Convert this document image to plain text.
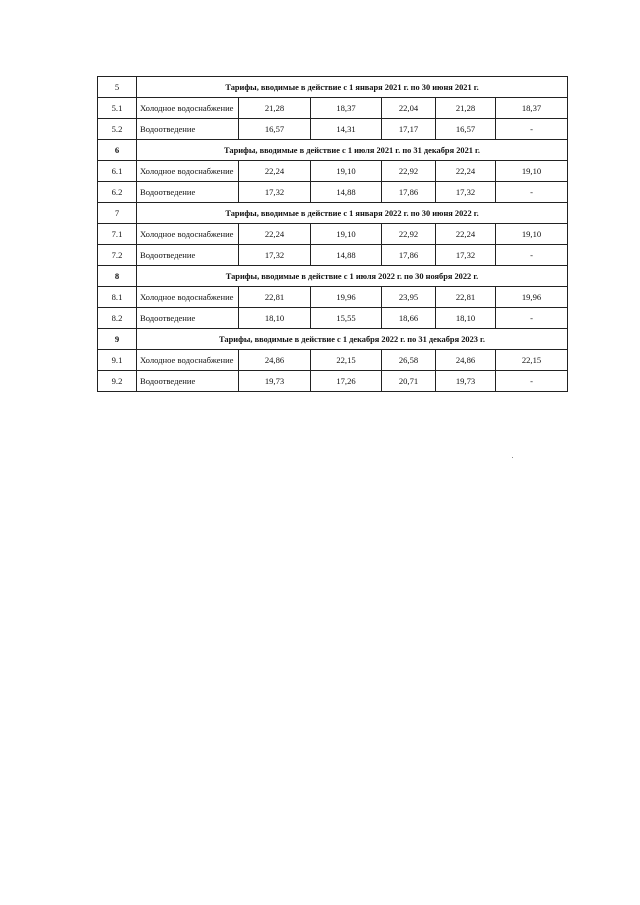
5	Тарифы, вводимые в действие с 1 января 2021 г. по 30 июня 2021 г.					
5.1	Холодное водоснабжение	21,28	18,37	22,04	21,28	18,37
5.2	Водоотведение	16,57	14,31	17,17	16,57	-
6	Тарифы, вводимые в действие с 1 июля 2021 г. по 31 декабря 2021 г.					
6.1	Холодное водоснабжение	22,24	19,10	22,92	22,24	19,10
6.2	Водоотведение	17,32	14,88	17,86	17,32	-
7	Тарифы, вводимые в действие с 1 января 2022 г. по 30 июня 2022 г.					
7.1	Холодное водоснабжение	22,24	19,10	22,92	22,24	19,10
7.2	Водоотведение	17,32	14,88	17,86	17,32	-
8	Тарифы, вводимые в действие с 1 июля 2022 г. по 30 ноября 2022 г.					
8.1	Холодное водоснабжение	22,81	19,96	23,95	22,81	19,96
8.2	Водоотведение	18,10	15,55	18,66	18,10	-
9	Тарифы, вводимые в действие с 1 декабря 2022 г. по 31 декабря 2023 г.					
9.1	Холодное водоснабжение	24,86	22,15	26,58	24,86	22,15
9.2	Водоотведение	19,73	17,26	20,71	19,73	-
